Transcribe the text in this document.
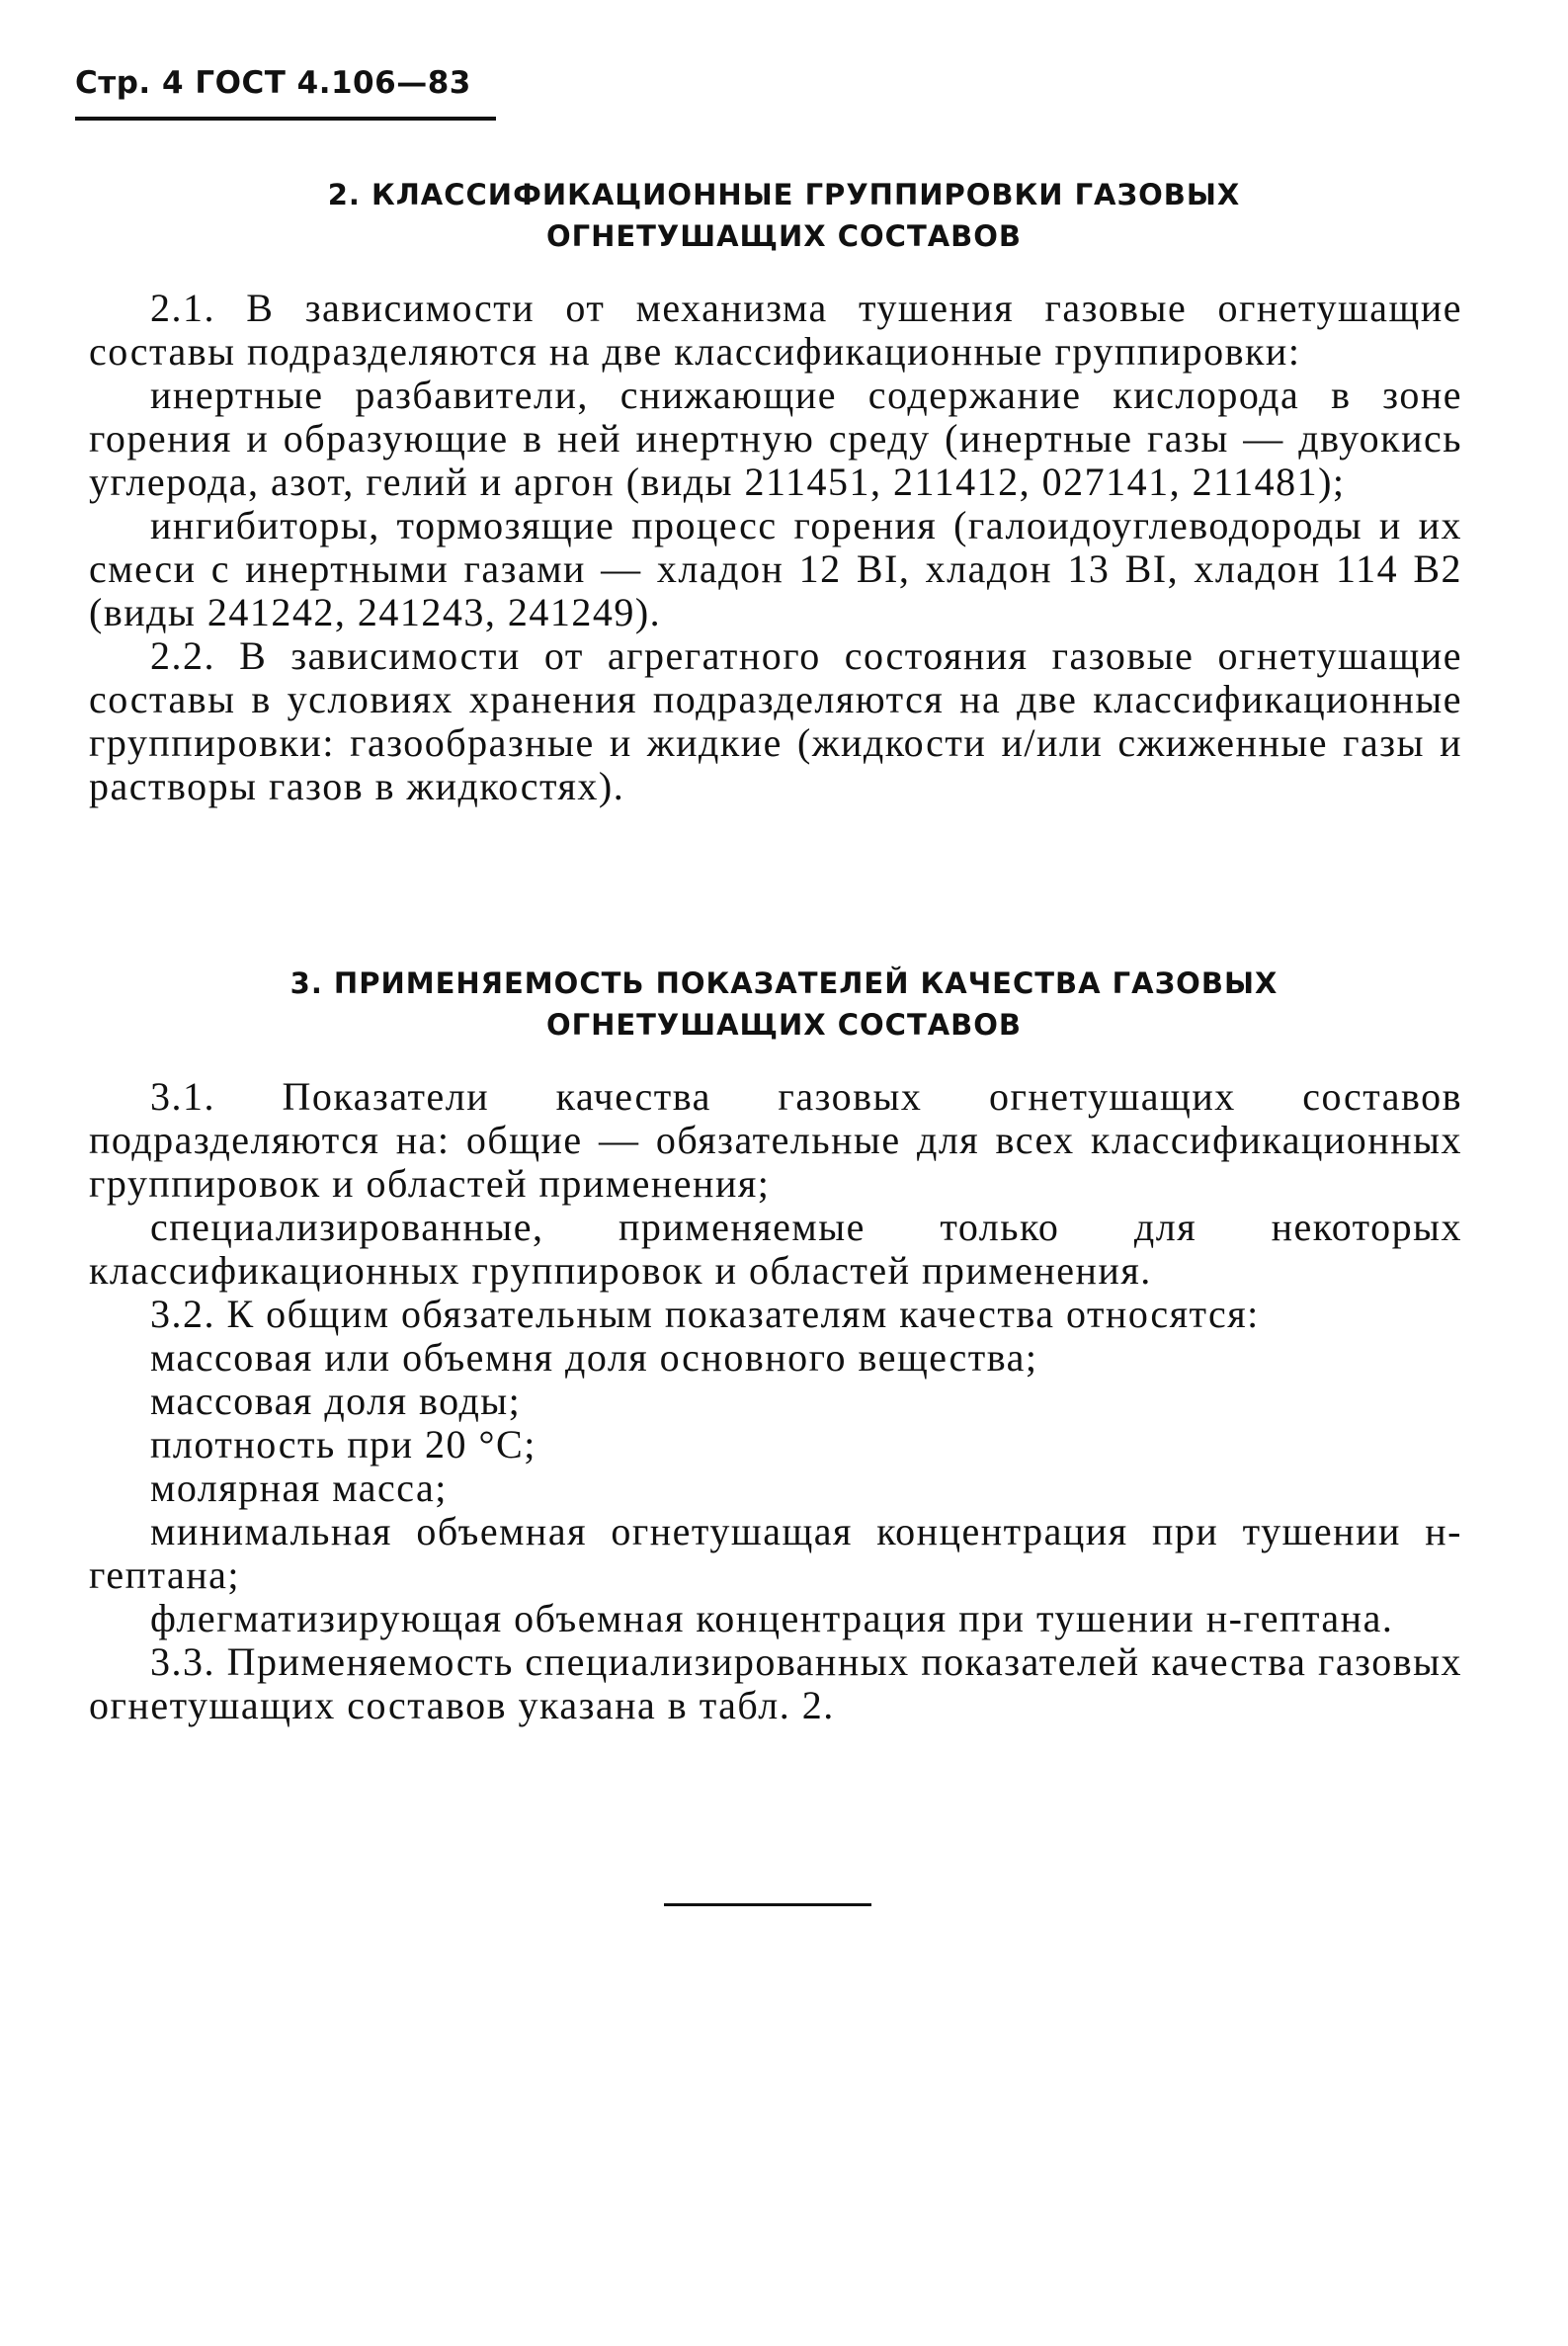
Стр. 4 ГОСТ 4.106—83
2. КЛАССИФИКАЦИОННЫЕ ГРУППИРОВКИ ГАЗОВЫХ
ОГНЕТУШАЩИХ СОСТАВОВ

2.1. В зависимости от механизма тушения газовые огнетушащие составы подразделяются на две классификационные группировки:

инертные разбавители, снижающие содержание кислорода в зоне горения и образующие в ней инертную среду (инертные газы — двуокись углерода, азот, гелий и аргон (виды 211451, 211412, 027141, 211481);

ингибиторы, тормозящие процесс горения (галоидоуглеводороды и их смеси с инертными газами — хладон 12 BI, хладон 13 BI, хладон 114 B2 (виды 241242, 241243, 241249).

2.2. В зависимости от агрегатного состояния газовые огнетушащие составы в условиях хранения подразделяются на две классификационные группировки: газообразные и жидкие (жидкости и/или сжиженные газы и растворы газов в жидкостях).

3. ПРИМЕНЯЕМОСТЬ ПОКАЗАТЕЛЕЙ КАЧЕСТВА ГАЗОВЫХ
ОГНЕТУШАЩИХ СОСТАВОВ

3.1. Показатели качества газовых огнетушащих составов подразделяются на: общие — обязательные для всех классификационных группировок и областей применения;

специализированные, применяемые только для некоторых классификационных группировок и областей применения.

3.2. К общим обязательным показателям качества относятся:

массовая или объемня доля основного вещества;

массовая доля воды;

плотность при 20 °C;

молярная масса;

минимальная объемная огнетушащая концентрация при тушении н-гептана;

флегматизирующая объемная концентрация при тушении н-гептана.

3.3. Применяемость специализированных показателей качества газовых огнетушащих составов указана в табл. 2.
